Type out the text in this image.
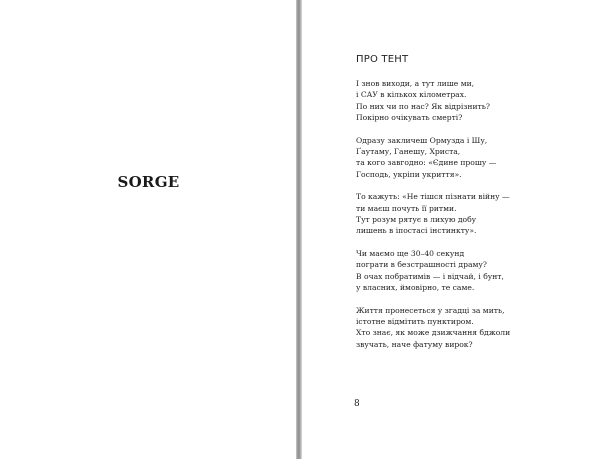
SORGE
ПРО ТЕНТ
І знов виходи, а тут лише ми,
і САУ в кількох кілометрах.
По них чи по нас? Як відрізнить?
Покірно очікувать смерті?
Одразу закличеш Ормузда і Шу,
Ґаутаму, Ганешу, Христа,
та кого завгодно: «Єдине прошу —
Господь, укріпи укриття».
То кажуть: «Не тішся пізнати війну —
ти маєш почуть її ритми.
Тут розум рятує в лихую добу
лишень в іпостасі інстинкту».
Чи маємо ще 30–40 секунд
пограти в безстрашності драму?
В очах побратимів — і відчай, і бунт,
у власних, ймовірно, те саме.
Життя пронесеться у згадці за мить,
істотне відмітить пунктиром.
Хто знає, як може дзижчання бджоли
звучать, наче фатуму вирок?
8
